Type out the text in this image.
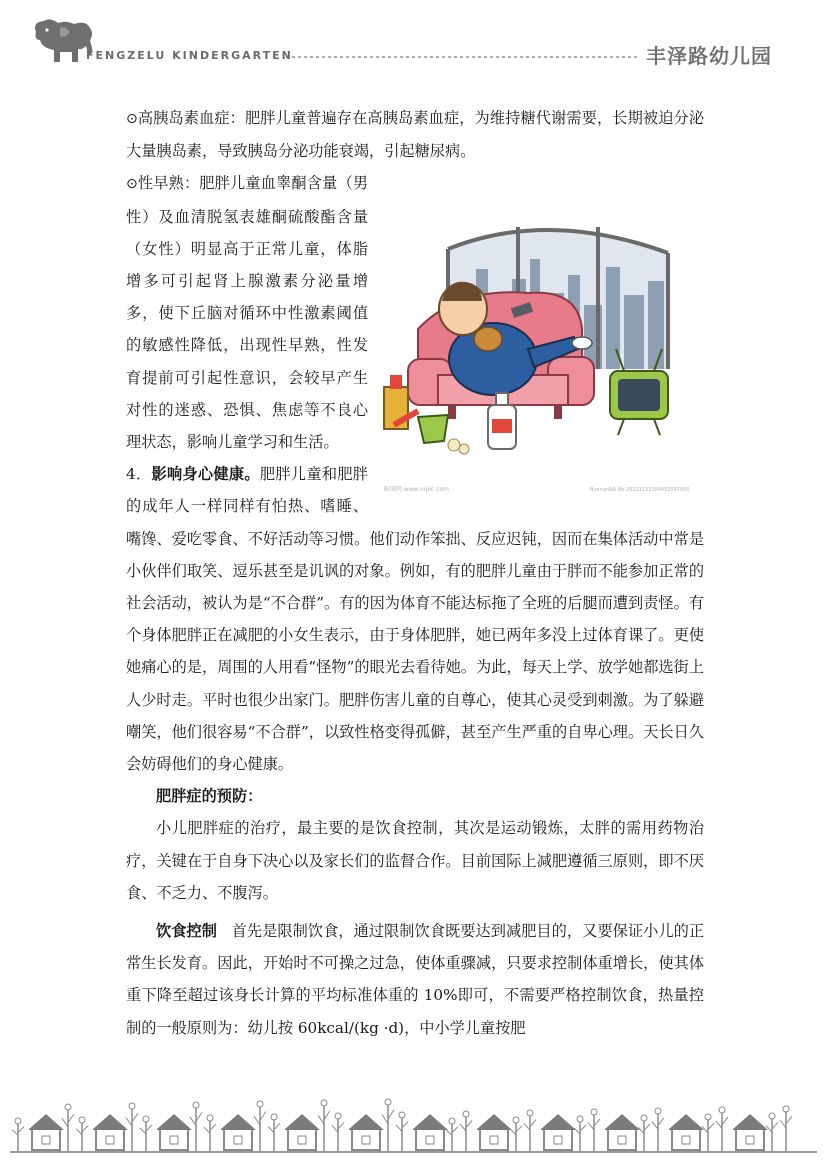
FENGZELU KINDERGARTEN	丰泽路幼儿园

⊙高胰岛素血症：肥胖儿童普遍存在高胰岛素血症，为维持糖代谢需要，长期被迫分泌大量胰岛素，导致胰岛分泌功能衰竭，引起糖尿病。

昵图网 www.nipic.com	ByerianBA No.20131123104432597000

⊙性早熟：肥胖儿童血睾酮含量（男性）及血清脱氢表雄酮硫酸酯含量（女性）明显高于正常儿童，体脂增多可引起肾上腺激素分泌量增多，使下丘脑对循环中性激素阈值的敏感性降低，出现性早熟，性发育提前可引起性意识，会较早产生对性的迷惑、恐惧、焦虑等不良心理状态，影响儿童学习和生活。

4．影响身心健康。肥胖儿童和肥胖的成年人一样同样有怕热、嗜睡、嘴馋、爱吃零食、不好活动等习惯。他们动作笨拙、反应迟钝，因而在集体活动中常是小伙伴们取笑、逗乐甚至是讥讽的对象。例如，有的肥胖儿童由于胖而不能参加正常的社会活动，被认为是“不合群”。有的因为体育不能达标拖了全班的后腿而遭到责怪。有个身体肥胖正在减肥的小女生表示，由于身体肥胖，她已两年多没上过体育课了。更使她痛心的是，周围的人用看“怪物”的眼光去看待她。为此，每天上学、放学她都选街上人少时走。平时也很少出家门。肥胖伤害儿童的自尊心，使其心灵受到刺激。为了躲避嘲笑，他们很容易“不合群”，以致性格变得孤僻，甚至产生严重的自卑心理。天长日久会妨碍他们的身心健康。

肥胖症的预防：

小儿肥胖症的治疗，最主要的是饮食控制，其次是运动锻炼，太胖的需用药物治疗，关键在于自身下决心以及家长们的监督合作。目前国际上减肥遵循三原则，即不厌食、不乏力、不腹泻。

饮食控制 首先是限制饮食，通过限制饮食既要达到减肥目的，又要保证小儿的正常生长发育。因此，开始时不可操之过急，使体重骤减，只要求控制体重增长，使其体重下降至超过该身长计算的平均标准体重的 10%即可，不需要严格控制饮食，热量控制的一般原则为：幼儿按 60kcal/(kg ·d)，中小学儿童按肥
